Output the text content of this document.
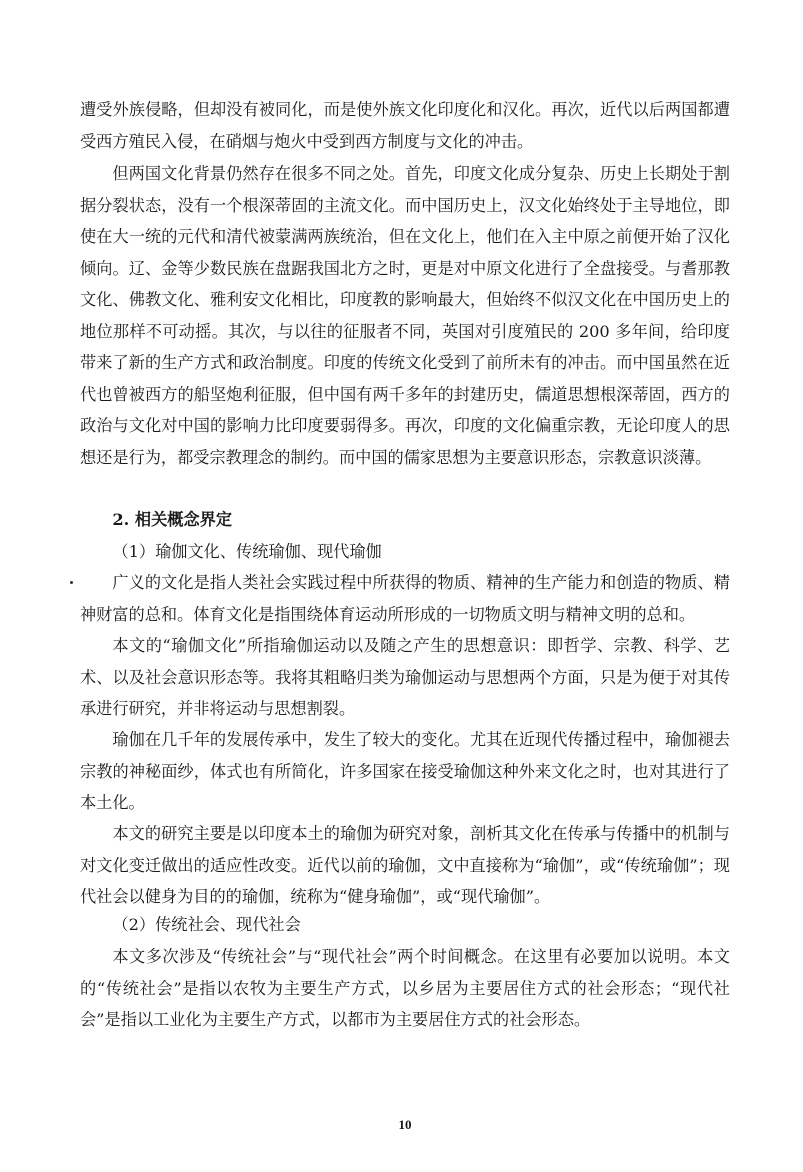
遭受外族侵略，但却没有被同化，而是使外族文化印度化和汉化。再次，近代以后两国都遭受西方殖民入侵，在硝烟与炮火中受到西方制度与文化的冲击。

但两国文化背景仍然存在很多不同之处。首先，印度文化成分复杂、历史上长期处于割据分裂状态，没有一个根深蒂固的主流文化。而中国历史上，汉文化始终处于主导地位，即使在大一统的元代和清代被蒙满两族统治，但在文化上，他们在入主中原之前便开始了汉化倾向。辽、金等少数民族在盘踞我国北方之时，更是对中原文化进行了全盘接受。与耆那教文化、佛教文化、雅利安文化相比，印度教的影响最大，但始终不似汉文化在中国历史上的地位那样不可动摇。其次，与以往的征服者不同，英国对引度殖民的 200 多年间，给印度带来了新的生产方式和政治制度。印度的传统文化受到了前所未有的冲击。而中国虽然在近代也曾被西方的船坚炮利征服，但中国有两千多年的封建历史，儒道思想根深蒂固，西方的政治与文化对中国的影响力比印度要弱得多。再次，印度的文化偏重宗教，无论印度人的思想还是行为，都受宗教理念的制约。而中国的儒家思想为主要意识形态，宗教意识淡薄。

2. 相关概念界定

（1）瑜伽文化、传统瑜伽、现代瑜伽

广义的文化是指人类社会实践过程中所获得的物质、精神的生产能力和创造的物质、精神财富的总和。体育文化是指围绕体育运动所形成的一切物质文明与精神文明的总和。

本文的“瑜伽文化”所指瑜伽运动以及随之产生的思想意识：即哲学、宗教、科学、艺术、以及社会意识形态等。我将其粗略归类为瑜伽运动与思想两个方面，只是为便于对其传承进行研究，并非将运动与思想割裂。

瑜伽在几千年的发展传承中，发生了较大的变化。尤其在近现代传播过程中，瑜伽褪去宗教的神秘面纱，体式也有所简化，许多国家在接受瑜伽这种外来文化之时，也对其进行了本土化。

本文的研究主要是以印度本土的瑜伽为研究对象，剖析其文化在传承与传播中的机制与对文化变迁做出的适应性改变。近代以前的瑜伽，文中直接称为“瑜伽”，或“传统瑜伽”；现代社会以健身为目的的瑜伽，统称为“健身瑜伽”，或“现代瑜伽”。

（2）传统社会、现代社会

本文多次涉及“传统社会”与“现代社会”两个时间概念。在这里有必要加以说明。本文的“传统社会”是指以农牧为主要生产方式，以乡居为主要居住方式的社会形态；“现代社会”是指以工业化为主要生产方式，以都市为主要居住方式的社会形态。

10
